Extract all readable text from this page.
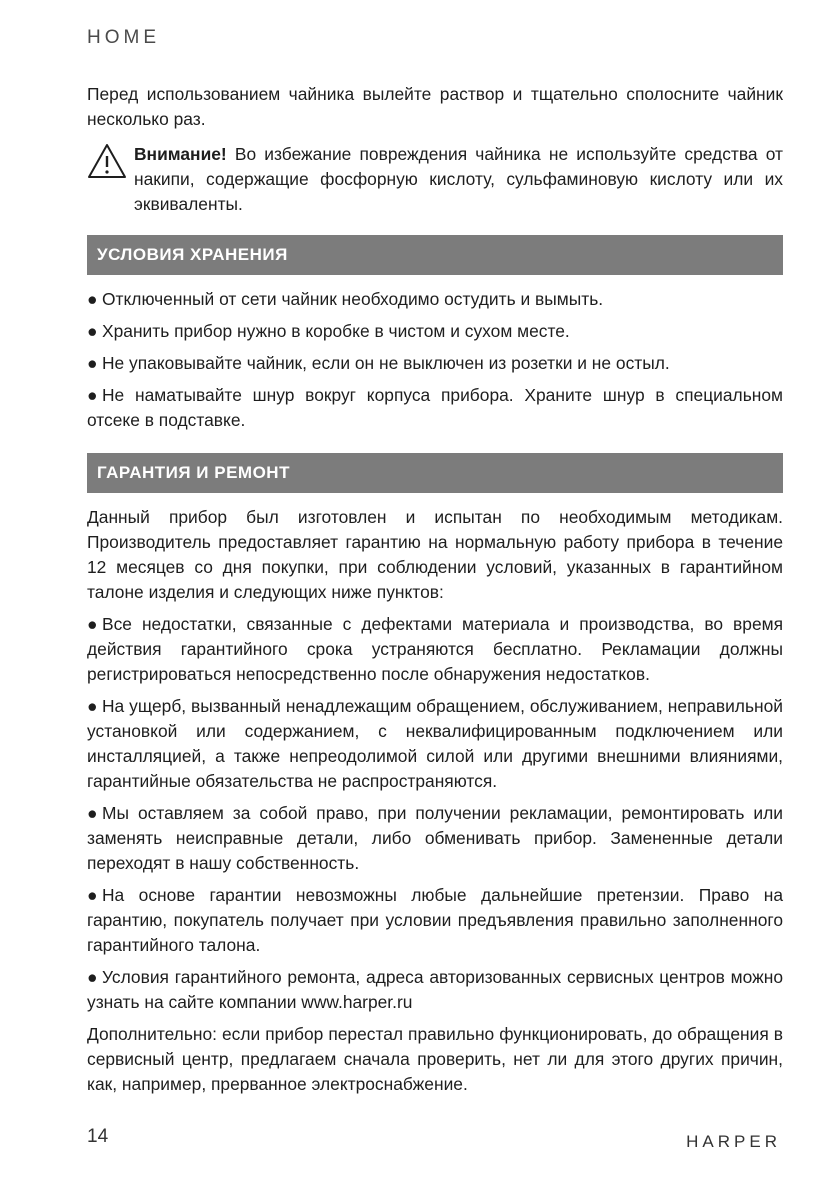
HOME

Перед использованием чайника вылейте раствор и тщательно сполосните чайник несколько раз.

Внимание! Во избежание повреждения чайника не используйте средства от накипи, содержащие фосфорную кислоту, сульфаминовую кислоту или их эквиваленты.

УСЛОВИЯ ХРАНЕНИЯ

● Отключенный от сети чайник необходимо остудить и вымыть.

● Хранить прибор нужно в коробке в чистом и сухом месте.

● Не упаковывайте чайник, если он не выключен из розетки и не остыл.

● Не наматывайте шнур вокруг корпуса прибора. Храните шнур в специальном отсеке в подставке.

ГАРАНТИЯ И РЕМОНТ

Данный прибор был изготовлен и испытан по необходимым методикам. Производитель предоставляет гарантию на нормальную работу прибора в течение 12 месяцев со дня покупки, при соблюдении условий, указанных в гарантийном талоне изделия и следующих ниже пунктов:

● Все недостатки, связанные с дефектами материала и производства, во время действия гарантийного срока устраняются бесплатно. Рекламации должны регистрироваться непосредственно после обнаружения недостатков.

● На ущерб, вызванный ненадлежащим обращением, обслуживанием, неправильной установкой или содержанием, с неквалифицированным подключением или инсталляцией, а также непреодолимой силой или другими внешними влияниями, гарантийные обязательства не распространяются.

● Мы оставляем за собой право, при получении рекламации, ремонтировать или заменять неисправные детали, либо обменивать прибор. Замененные детали переходят в нашу собственность.

● На основе гарантии невозможны любые дальнейшие претензии. Право на гарантию, покупатель получает при условии предъявления правильно заполненного гарантийного талона.

● Условия гарантийного ремонта, адреса авторизованных сервисных центров можно узнать на сайте компании www.harper.ru

Дополнительно: если прибор перестал правильно функционировать, до обращения в сервисный центр, предлагаем сначала проверить, нет ли для этого других причин, как, например, прерванное электроснабжение.

14	HARPER
